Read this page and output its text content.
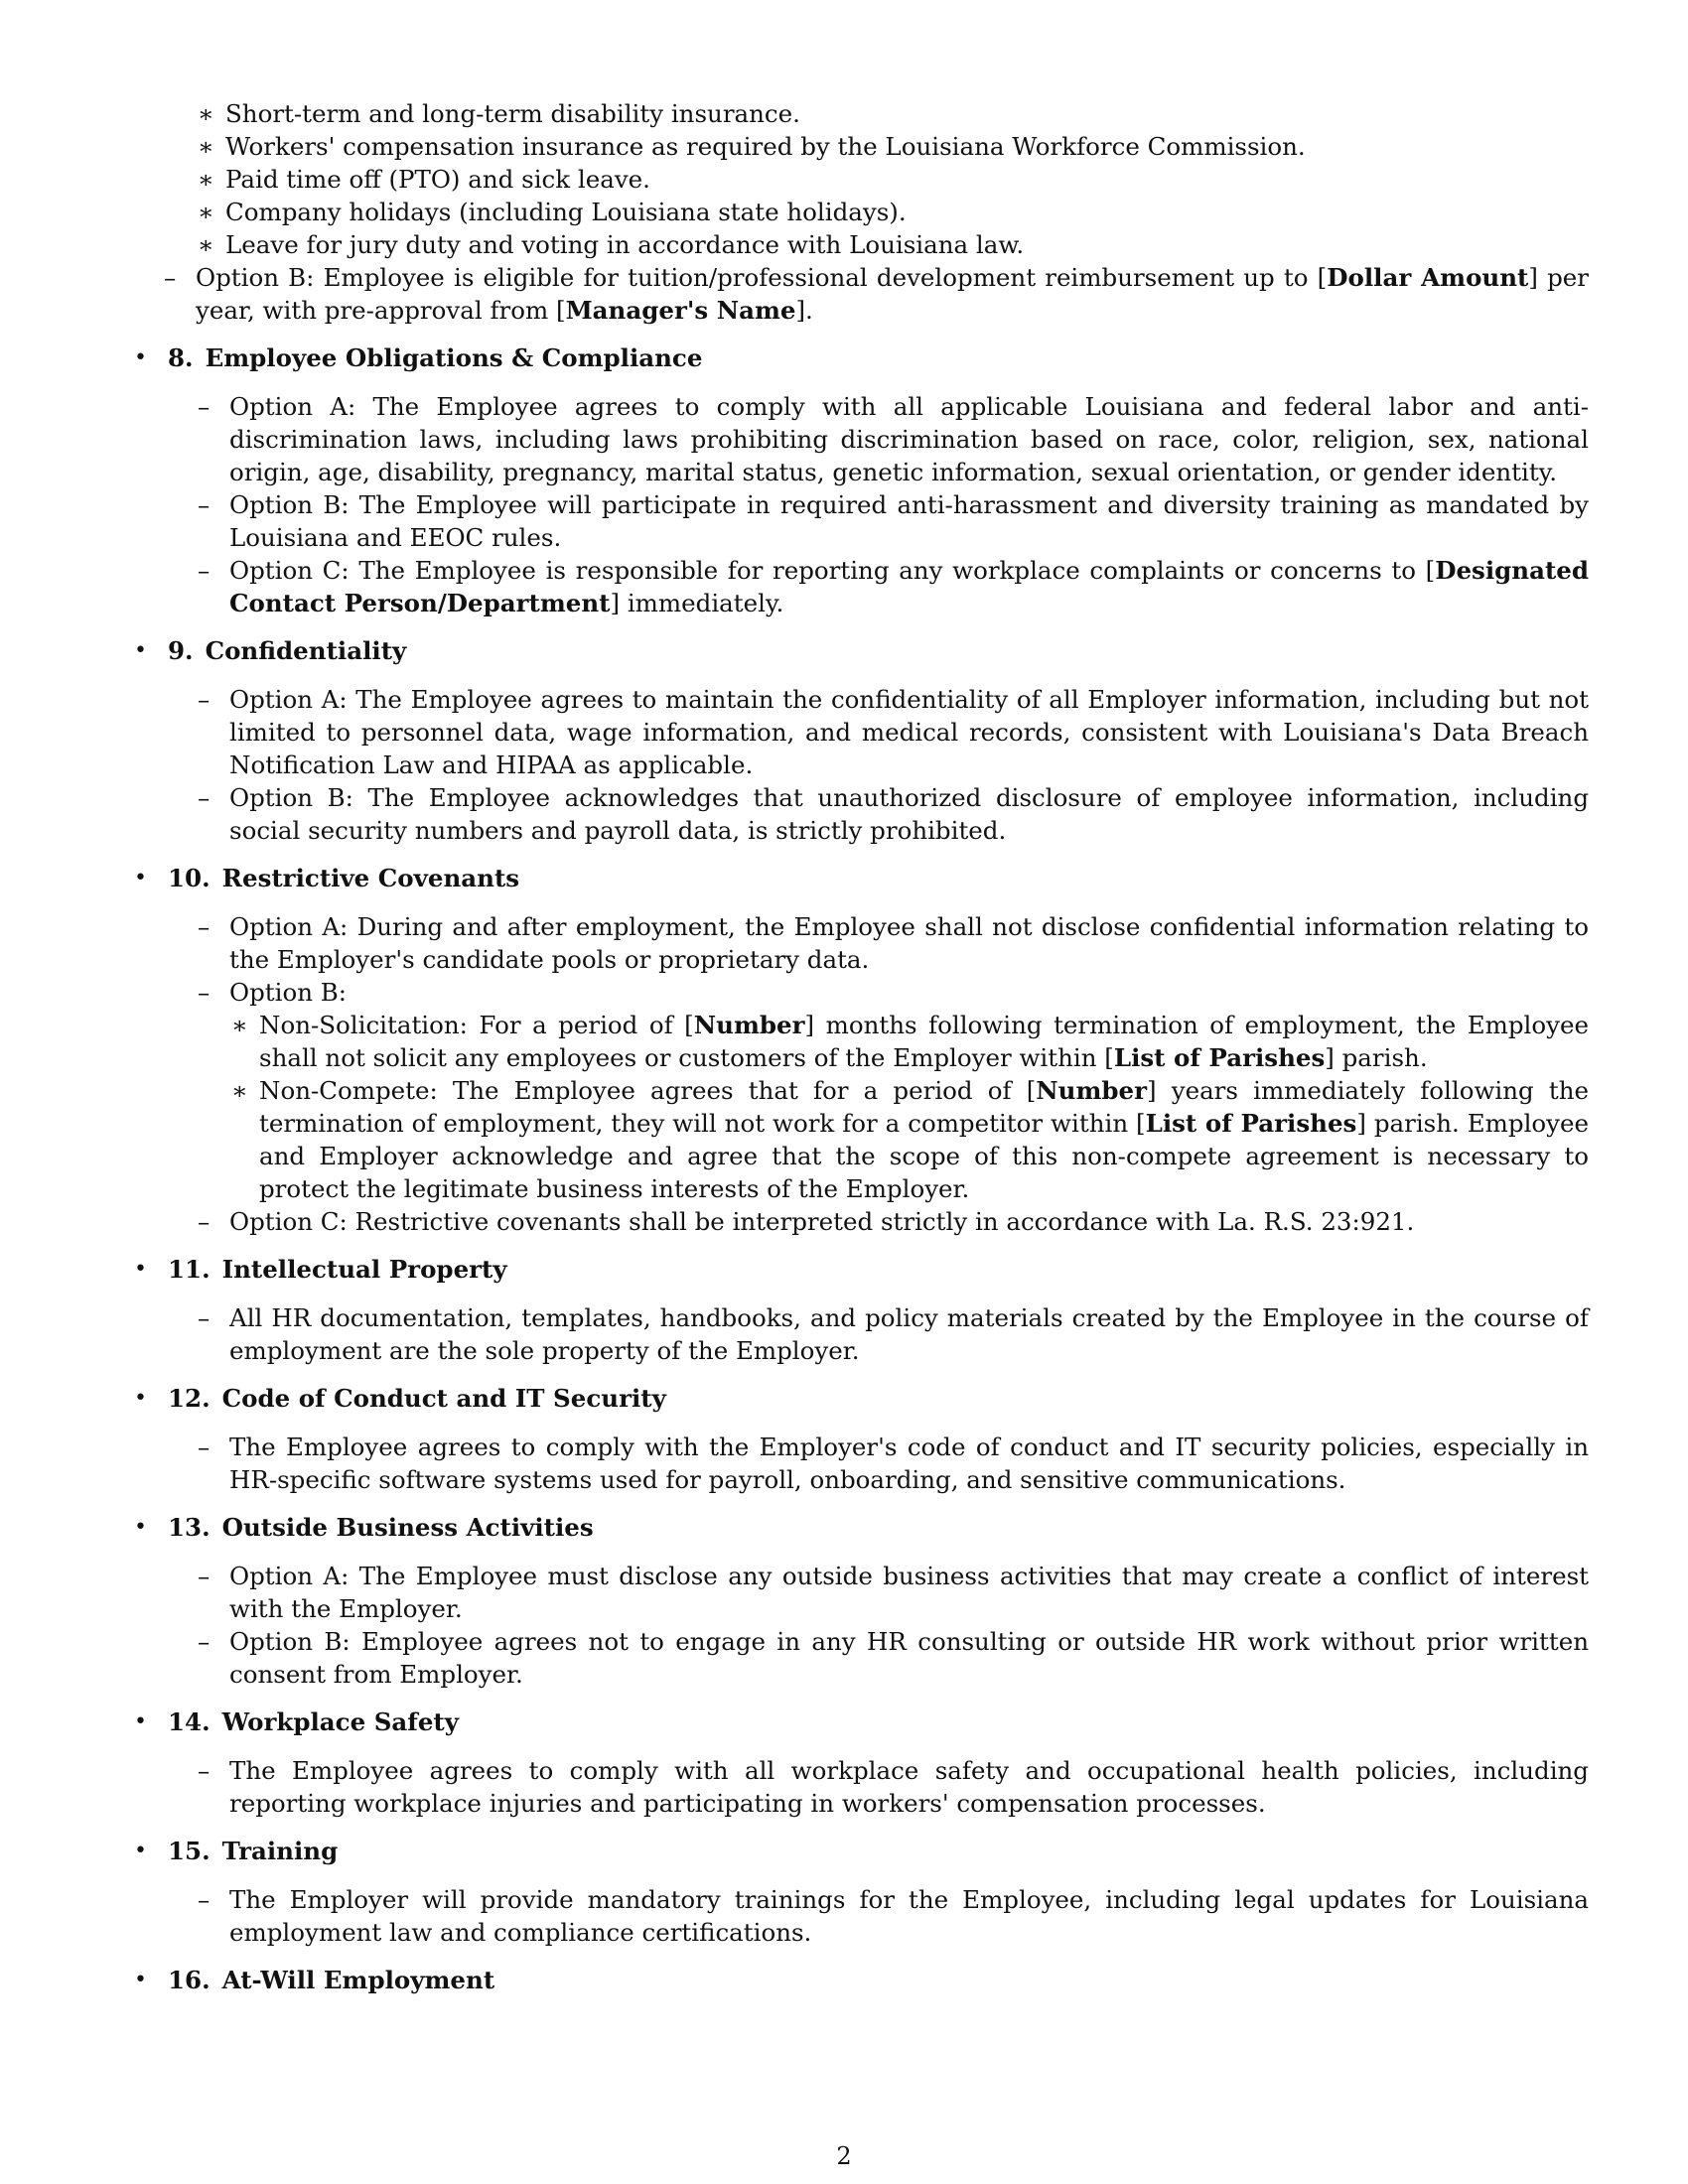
∗ Short-term and long-term disability insurance.
∗ Workers' compensation insurance as required by the Louisiana Workforce Commission.
∗ Paid time off (PTO) and sick leave.
∗ Company holidays (including Louisiana state holidays).
∗ Leave for jury duty and voting in accordance with Louisiana law.
– Option B: Employee is eligible for tuition/professional development reimbursement up to [Dollar Amount] per year, with pre-approval from [Manager's Name].
• 8. Employee Obligations & Compliance
– Option A: The Employee agrees to comply with all applicable Louisiana and federal labor and anti-discrimination laws, including laws prohibiting discrimination based on race, color, religion, sex, national origin, age, disability, pregnancy, marital status, genetic information, sexual orientation, or gender identity.
– Option B: The Employee will participate in required anti-harassment and diversity training as mandated by Louisiana and EEOC rules.
– Option C: The Employee is responsible for reporting any workplace complaints or concerns to [Designated Contact Person/Department] immediately.
• 9. Confidentiality
– Option A: The Employee agrees to maintain the confidentiality of all Employer information, including but not limited to personnel data, wage information, and medical records, consistent with Louisiana's Data Breach Notification Law and HIPAA as applicable.
– Option B: The Employee acknowledges that unauthorized disclosure of employee information, including social security numbers and payroll data, is strictly prohibited.
• 10. Restrictive Covenants
– Option A: During and after employment, the Employee shall not disclose confidential information relating to the Employer's candidate pools or proprietary data.
– Option B:
∗ Non-Solicitation: For a period of [Number] months following termination of employment, the Employee shall not solicit any employees or customers of the Employer within [List of Parishes] parish.
∗ Non-Compete: The Employee agrees that for a period of [Number] years immediately following the termination of employment, they will not work for a competitor within [List of Parishes] parish. Employee and Employer acknowledge and agree that the scope of this non-compete agreement is necessary to protect the legitimate business interests of the Employer.
– Option C: Restrictive covenants shall be interpreted strictly in accordance with La. R.S. 23:921.
• 11. Intellectual Property
– All HR documentation, templates, handbooks, and policy materials created by the Employee in the course of employment are the sole property of the Employer.
• 12. Code of Conduct and IT Security
– The Employee agrees to comply with the Employer's code of conduct and IT security policies, especially in HR-specific software systems used for payroll, onboarding, and sensitive communications.
• 13. Outside Business Activities
– Option A: The Employee must disclose any outside business activities that may create a conflict of interest with the Employer.
– Option B: Employee agrees not to engage in any HR consulting or outside HR work without prior written consent from Employer.
• 14. Workplace Safety
– The Employee agrees to comply with all workplace safety and occupational health policies, including reporting workplace injuries and participating in workers' compensation processes.
• 15. Training
– The Employer will provide mandatory trainings for the Employee, including legal updates for Louisiana employment law and compliance certifications.
• 16. At-Will Employment
2
